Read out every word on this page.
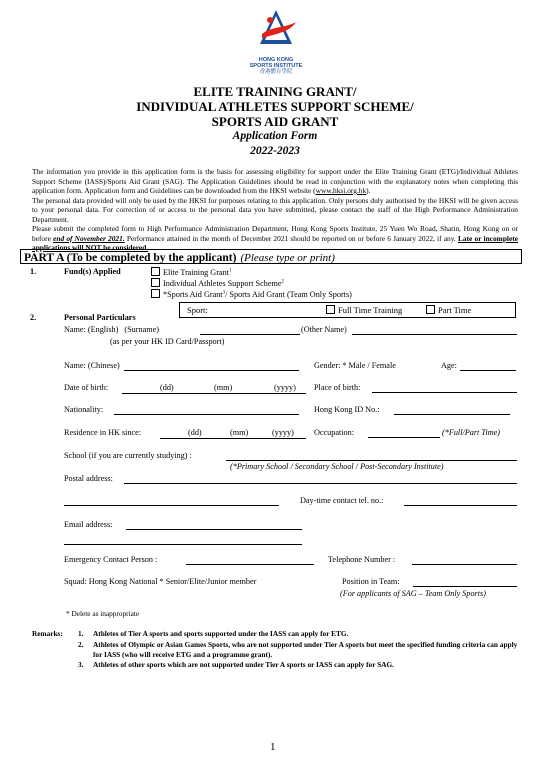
HONG KONG
SPORTS INSTITUTE
香港體育學院
ELITE TRAINING GRANT/
INDIVIDUAL ATHLETES SUPPORT SCHEME/
SPORTS AID GRANT
Application Form
2022-2023

The information you provide in this application form is the basis for assessing eligibility for support under the Elite Training Grant (ETG)/Individual Athletes Support Scheme (IASS)/Sports Aid Grant (SAG). The Application Guidelines should be read in conjunction with the explanatory notes when completing this application form. Application form and Guidelines can be downloaded from the HKSI website (www.hksi.org.hk).

The personal data provided will only be used by the HKSI for purposes relating to this application. Only persons duly authorised by the HKSI will be given access to your personal data. For correction of or access to the personal data you have submitted, please contact the staff of the High Performance Administration Department.

Please submit the completed form to High Performance Administration Department, Hong Kong Sports Institute, 25 Yuen Wo Road, Shatin, Hong Kong on or before end of November 2021. Performance attained in the month of December 2021 should be reported on or before 6 January 2022, if any. Late or incomplete applications will NOT be considered.

PART A (To be completed by the applicant) (Please type or print)
1.	Fund(s) Applied	Elite Training Grant$^1$
Individual Athletes Support Scheme$^2$
*Sports Aid Grant$^3$/ Sports Aid Grant (Team Only Sports)
Sport:	Full Time Training	Part Time
2.	Personal Particulars
Name: (English) (Surname)	(Other Name)
(as per your HK ID Card/Passport)
Name: (Chinese)	Gender: * Male / Female	Age:
Date of birth:	(dd)	(mm)	(yyyy) Place of birth:
Nationality:	Hong Kong ID No.:
Residence in HK since:	(dd)	(mm)	(yyyy) Occupation:	(*Full/Part Time)
School (if you are currently studying) :
(*Primary School / Secondary School / Post-Secondary Institute)
Postal address:
Day-time contact tel. no.:
Email address:
Emergency Contact Person :	Telephone Number :
Squad: Hong Kong National * Senior/Elite/Junior member	Position in Team:
(For applicants of SAG – Team Only Sports)
* Delete as inappropriate
Remarks: 1. Athletes of Tier A sports and sports supported under the IASS can apply for ETG.
2. Athletes of Olympic or Asian Games Sports, who are not supported under Tier A sports but meet the specified funding criteria can apply for IASS (who will receive ETG and a programme grant).
3. Athletes of other sports which are not supported under Tier A sports or IASS can apply for SAG.
1
